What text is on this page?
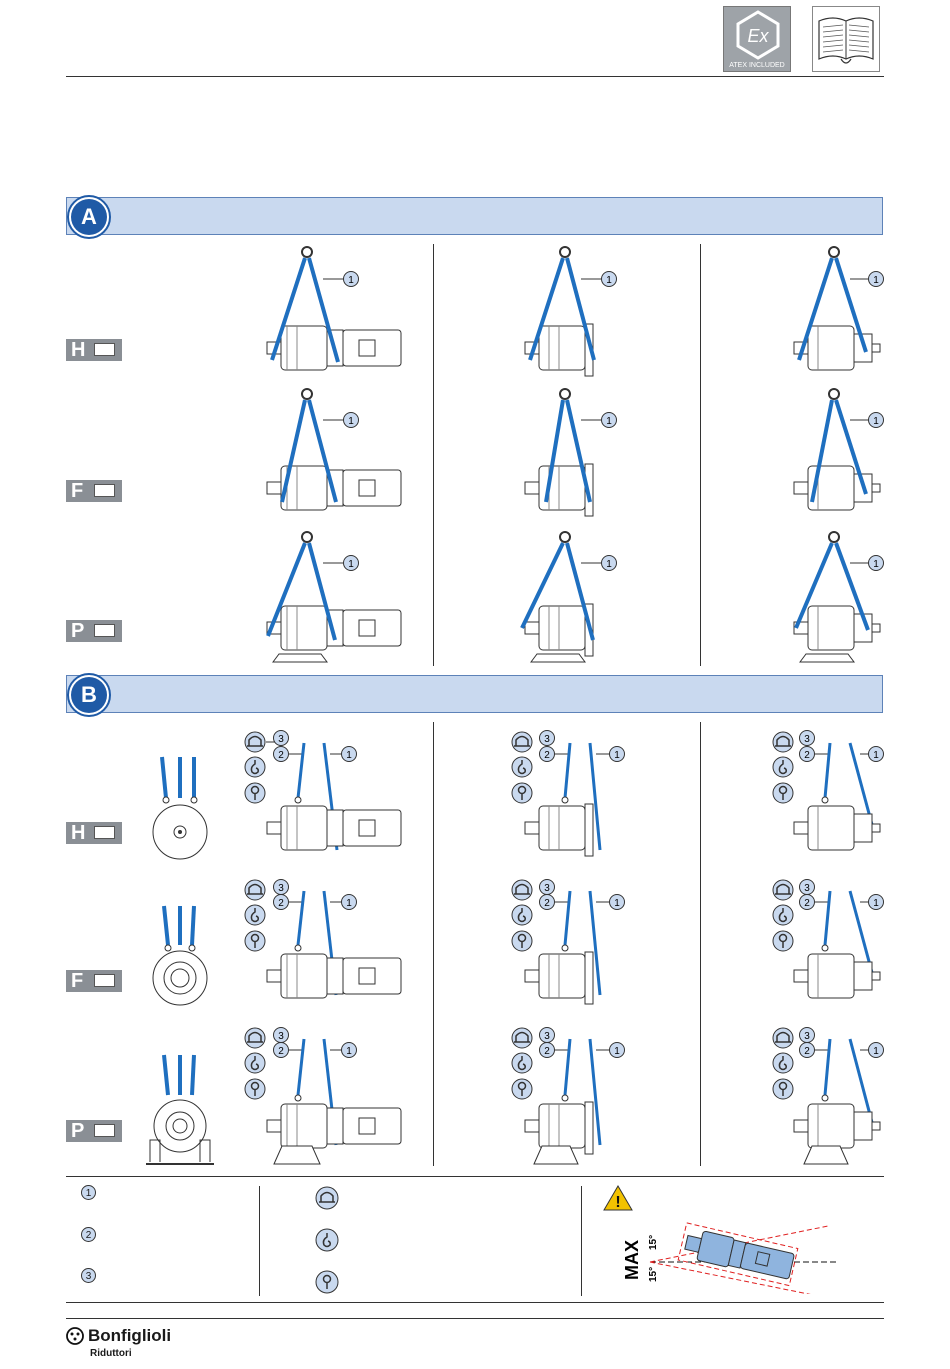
Ex
ATEX INCLUDED
A
B
H
F
P
H
F
P
1	1	1
1	1	1
1	1	1
3
2	1
3
2	1
3
2	1
3
2	1
3
2	1
3
2	1
3
2	1
3
2	1
3
2	1
1
2
3
!
MAX 15°
15°
Bonfiglioli
Riduttori
